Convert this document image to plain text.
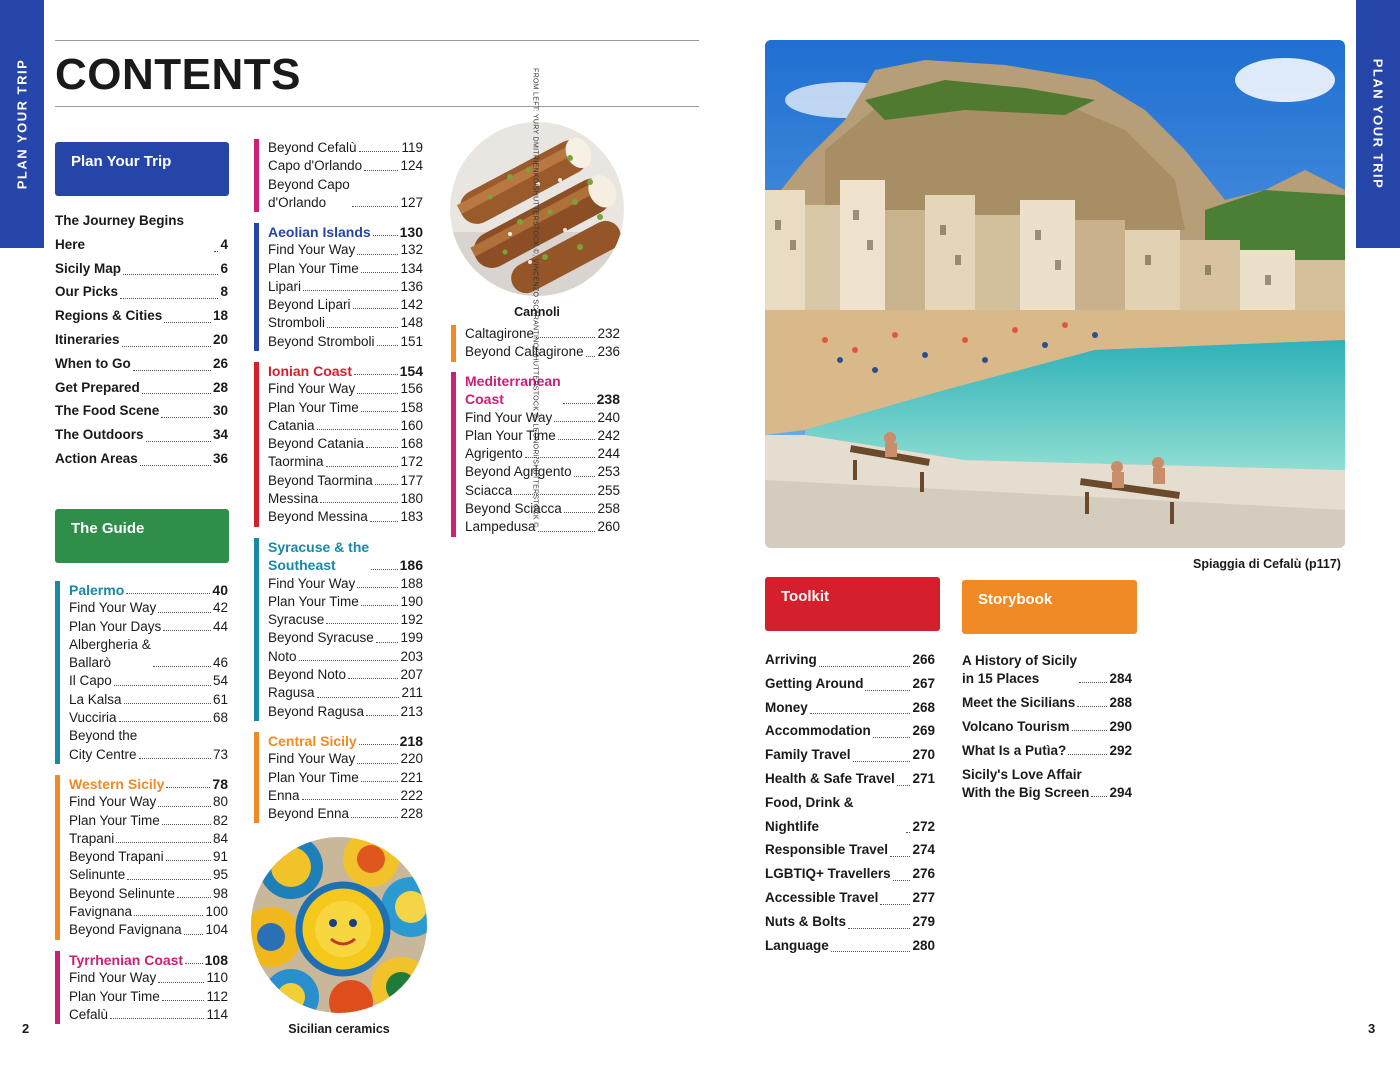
PLAN YOUR TRIP	PLAN YOUR TRIP
CONTENTS
Plan Your Trip
The Journey Begins Here	4
Sicily Map	6
Our Picks	8
Regions & Cities	18
Itineraries	20
When to Go	26
Get Prepared	28
The Food Scene	30
The Outdoors	34
Action Areas	36
The Guide
Palermo	40
Find Your Way	42
Plan Your Days	44
Albergheria &
Ballarò	46
Il Capo	54
La Kalsa	61
Vucciria	68
Beyond the
City Centre	73
Western Sicily	78
Find Your Way	80
Plan Your Time	82
Trapani	84
Beyond Trapani	91
Selinunte	95
Beyond Selinunte	98
Favignana	100
Beyond Favignana 104
Tyrrhenian Coast 108
Find Your Way	110
Plan Your Time	112
Cefalù	114
Beyond Cefalù	119
Capo d'Orlando	124
Beyond Capo
d'Orlando	127
Aeolian Islands 130
Find Your Way	132
Plan Your Time	134
Lipari	136
Beyond Lipari	142
Stromboli	148
Beyond Stromboli 151
Ionian Coast	154
Find Your Way	156
Plan Your Time	158
Catania	160
Beyond Catania	168
Taormina	172
Beyond Taormina 177
Messina	180
Beyond Messina 183
Syracuse & the
Southeast	186
Find Your Way	188
Plan Your Time	190
Syracuse	192
Beyond Syracuse 199
Noto	203
Beyond Noto	207
Ragusa	211
Beyond Ragusa	213
Central Sicily	218
Find Your Way	220
Plan Your Time	221
Enna	222
Beyond Enna	228
Caltagirone	232
Beyond Caltagirone 236
Mediterranean
Coast	238
Find Your Way	240
Plan Your Time	242
Agrigento	244
Beyond Agrigento 253
Sciacca	255
Beyond Sciacca	258
Lampedusa	260
Cannoli
Sicilian ceramics
FROM LEFT: YURY DMITRIENKO/SHUTTERSTOCK ©, VINCENZO SCARANTINO/SHUTTERSTOCK ©, LEONORI/SHUTTERSTOCK ©
Spiaggia di Cefalù (p117)
Toolkit
Arriving	266
Getting Around	267
Money	268
Accommodation	269
Family Travel	270
Health & Safe Travel 271
Food, Drink & Nightlife	272
Responsible Travel 274
LGBTIQ+ Travellers 276
Accessible Travel	277
Nuts & Bolts	279
Language	280
Storybook
A History of Sicily
in 15 Places	284
Meet the Sicilians	288
Volcano Tourism	290
What Is a Putìa?	292
Sicily's Love Affair
With the Big Screen 294
2	3
